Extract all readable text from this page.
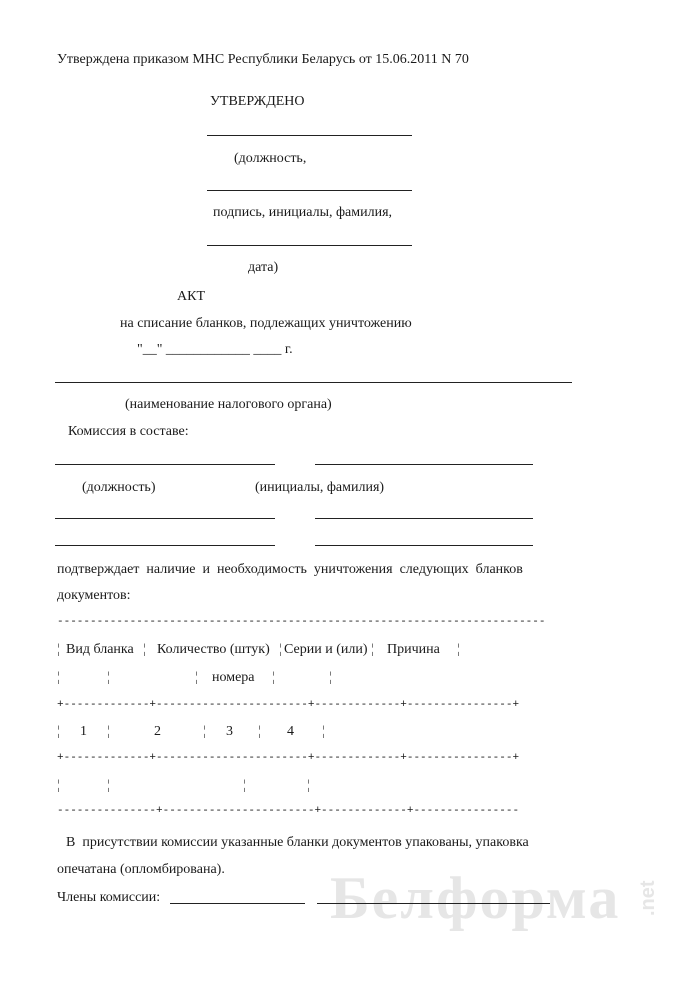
Белформа .net
Утверждена приказом МНС Республики Беларусь от 15.06.2011 N 70
УТВЕРЖДЕНО
(должность,
подпись, инициалы, фамилия,
дата)
АКТ
на списание бланков, подлежащих уничтожению
"__" ____________ ____ г.
(наименование налогового органа)
Комиссия в составе:
(должность)	(инициалы, фамилия)
подтверждает  наличие  и  необходимость  уничтожения  следующих  бланков
документов:
--------------------------------------------------------------------------
¦ Вид бланка ¦ Количество (штук) ¦ Серии и (или) ¦ Причина ¦
¦	¦	¦ номера ¦	¦
+-------------+-----------------------+-------------+----------------+
¦ 1 ¦	2	¦ 3 ¦ 4 ¦
+-------------+-----------------------+-------------+----------------+
¦	¦	¦	¦
---------------+-----------------------+-------------+----------------
В  присутствии комиссии указанные бланки документов упакованы, упаковка
опечатана (опломбирована).
Члены комиссии:
